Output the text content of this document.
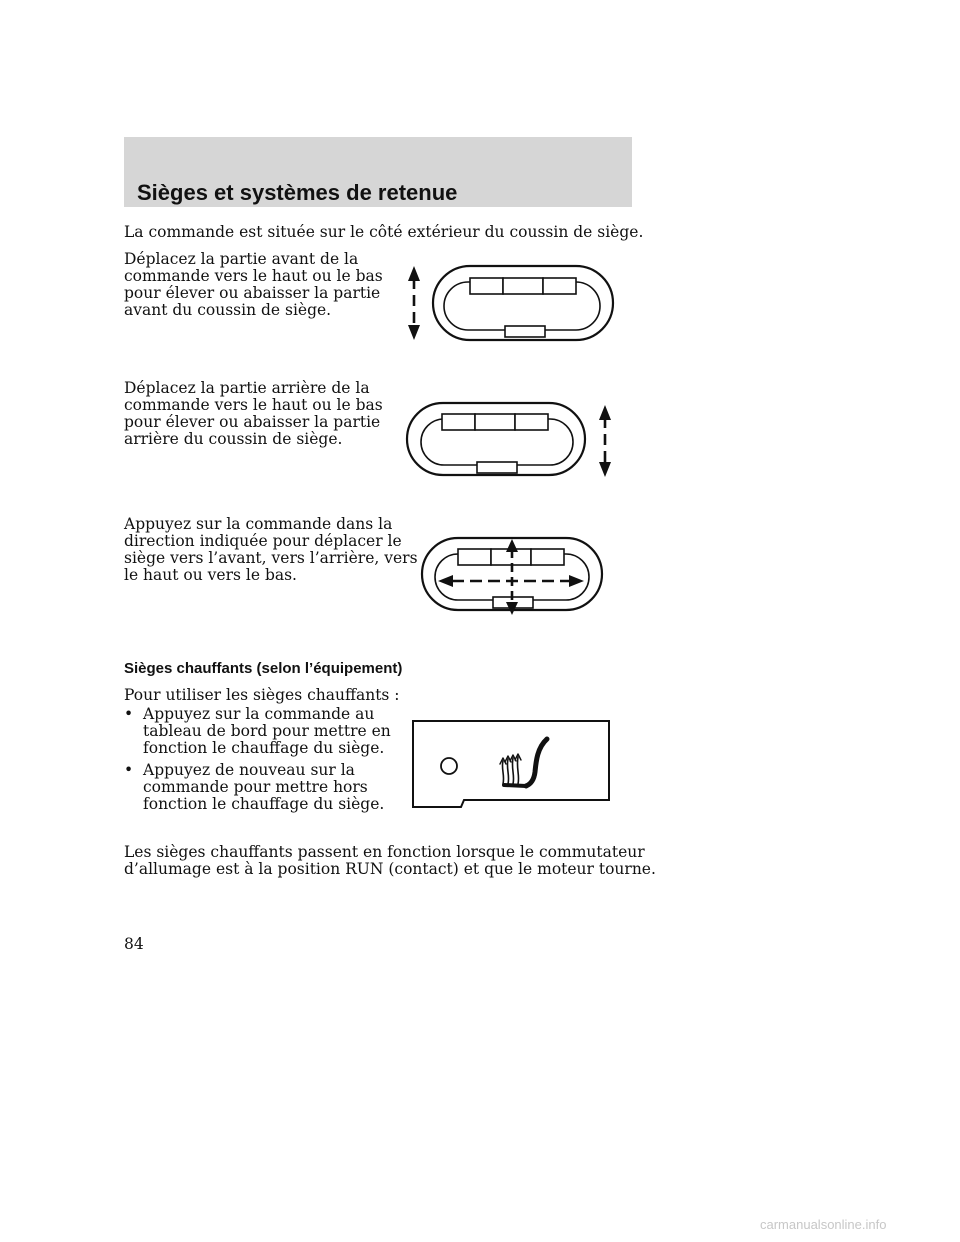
Sièges et systèmes de retenue
La commande est située sur le côté extérieur du coussin de siège.
Déplacez la partie avant de la
commande vers le haut ou le bas
pour élever ou abaisser la partie
avant du coussin de siège.
Déplacez la partie arrière de la
commande vers le haut ou le bas
pour élever ou abaisser la partie
arrière du coussin de siège.
Appuyez sur la commande dans la
direction indiquée pour déplacer le
siège vers l’avant, vers l’arrière, vers
le haut ou vers le bas.
Sièges chauffants (selon l’équipement)
Pour utiliser les sièges chauffants :
• Appuyez sur la commande au
tableau de bord pour mettre en
fonction le chauffage du siège.
• Appuyez de nouveau sur la
commande pour mettre hors
fonction le chauffage du siège.
Les sièges chauffants passent en fonction lorsque le commutateur
d’allumage est à la position RUN (contact) et que le moteur tourne.
84
carmanualsonline.info
